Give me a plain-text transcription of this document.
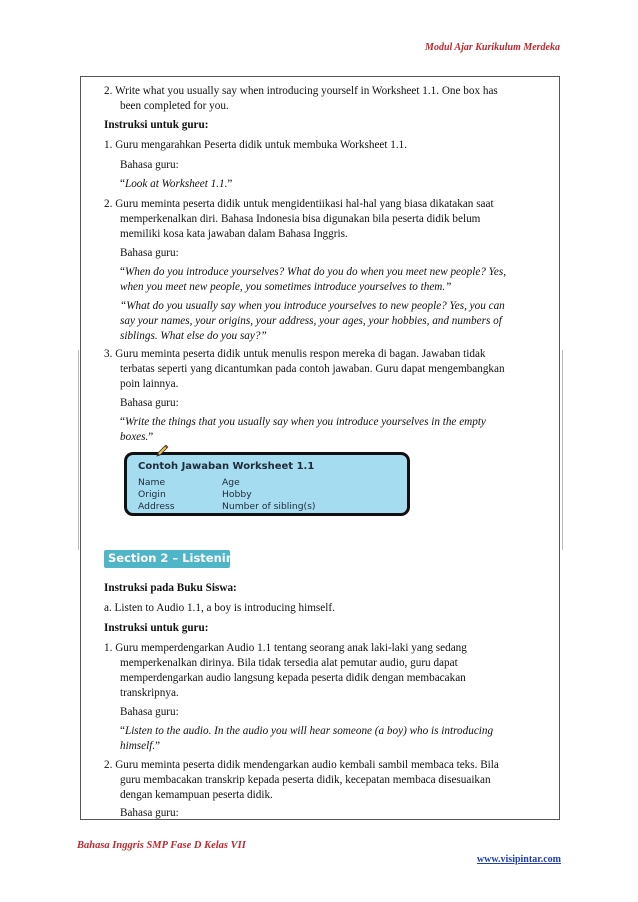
Modul Ajar Kurikulum Merdeka
2. Write what you usually say when introducing yourself in Worksheet 1.1. One box has
been completed for you.
Instruksi untuk guru:
1. Guru mengarahkan Peserta didik untuk membuka Worksheet 1.1.
Bahasa guru:
“Look at Worksheet 1.1.”
2. Guru meminta peserta didik untuk mengidentiikasi hal-hal yang biasa dikatakan saat
memperkenalkan diri. Bahasa Indonesia bisa digunakan bila peserta didik belum
memiliki kosa kata jawaban dalam Bahasa Inggris.
Bahasa guru:
“When do you introduce yourselves? What do you do when you meet new people? Yes,
when you meet new people, you sometimes introduce yourselves to them.”
“What do you usually say when you introduce yourselves to new people? Yes, you can
say your names, your origins, your address, your ages, your hobbies, and numbers of
siblings. What else do you say?”
3. Guru meminta peserta didik untuk menulis respon mereka di bagan. Jawaban tidak
terbatas seperti yang dicantumkan pada contoh jawaban. Guru dapat mengembangkan
poin lainnya.
Bahasa guru:
“Write the things that you usually say when you introduce yourselves in the empty
boxes.”
Contoh Jawaban Worksheet 1.1
Name
Origin
Address
Age
Hobby
Number of sibling(s)
Section 2 – Listening
Instruksi pada Buku Siswa:
a. Listen to Audio 1.1, a boy is introducing himself.
Instruksi untuk guru:
1. Guru memperdengarkan Audio 1.1 tentang seorang anak laki-laki yang sedang
memperkenalkan dirinya. Bila tidak tersedia alat pemutar audio, guru dapat
memperdengarkan audio langsung kepada peserta didik dengan membacakan
transkripnya.
Bahasa guru:
“Listen to the audio. In the audio you will hear someone (a boy) who is introducing
himself.”
2. Guru meminta peserta didik mendengarkan audio kembali sambil membaca teks. Bila
guru membacakan transkrip kepada peserta didik, kecepatan membaca disesuaikan
dengan kemampuan peserta didik.
Bahasa guru:
Bahasa Inggris SMP Fase D Kelas VII
www.visipintar.com
